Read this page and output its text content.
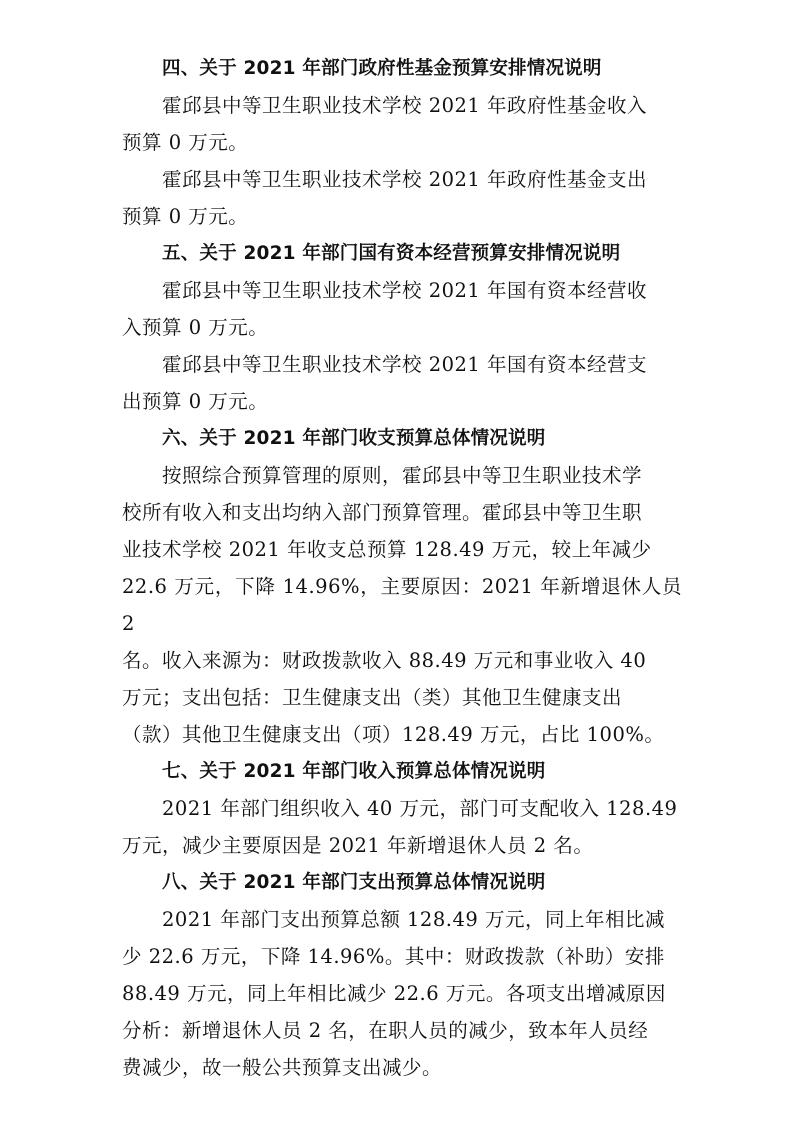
四、关于 2021 年部门政府性基金预算安排情况说明

霍邱县中等卫生职业技术学校 2021 年政府性基金收入
预算 0 万元。

霍邱县中等卫生职业技术学校 2021 年政府性基金支出
预算 0 万元。

五、关于 2021 年部门国有资本经营预算安排情况说明

霍邱县中等卫生职业技术学校 2021 年国有资本经营收
入预算 0 万元。

霍邱县中等卫生职业技术学校 2021 年国有资本经营支
出预算 0 万元。

六、关于 2021 年部门收支预算总体情况说明

按照综合预算管理的原则，霍邱县中等卫生职业技术学
校所有收入和支出均纳入部门预算管理。霍邱县中等卫生职
业技术学校 2021 年收支总预算 128.49 万元，较上年减少
22.6 万元，下降 14.96%，主要原因：2021 年新增退休人员 2
名。收入来源为：财政拨款收入 88.49 万元和事业收入 40
万元；支出包括：卫生健康支出（类）其他卫生健康支出
（款）其他卫生健康支出（项）128.49 万元，占比 100%。

七、关于 2021 年部门收入预算总体情况说明

2021 年部门组织收入 40 万元，部门可支配收入 128.49
万元，减少主要原因是 2021 年新增退休人员 2 名。

八、关于 2021 年部门支出预算总体情况说明

2021 年部门支出预算总额 128.49 万元，同上年相比减
少 22.6 万元，下降 14.96%。其中：财政拨款（补助）安排
88.49 万元，同上年相比减少 22.6 万元。各项支出增减原因
分析：新增退休人员 2 名，在职人员的减少，致本年人员经
费减少，故一般公共预算支出减少。
